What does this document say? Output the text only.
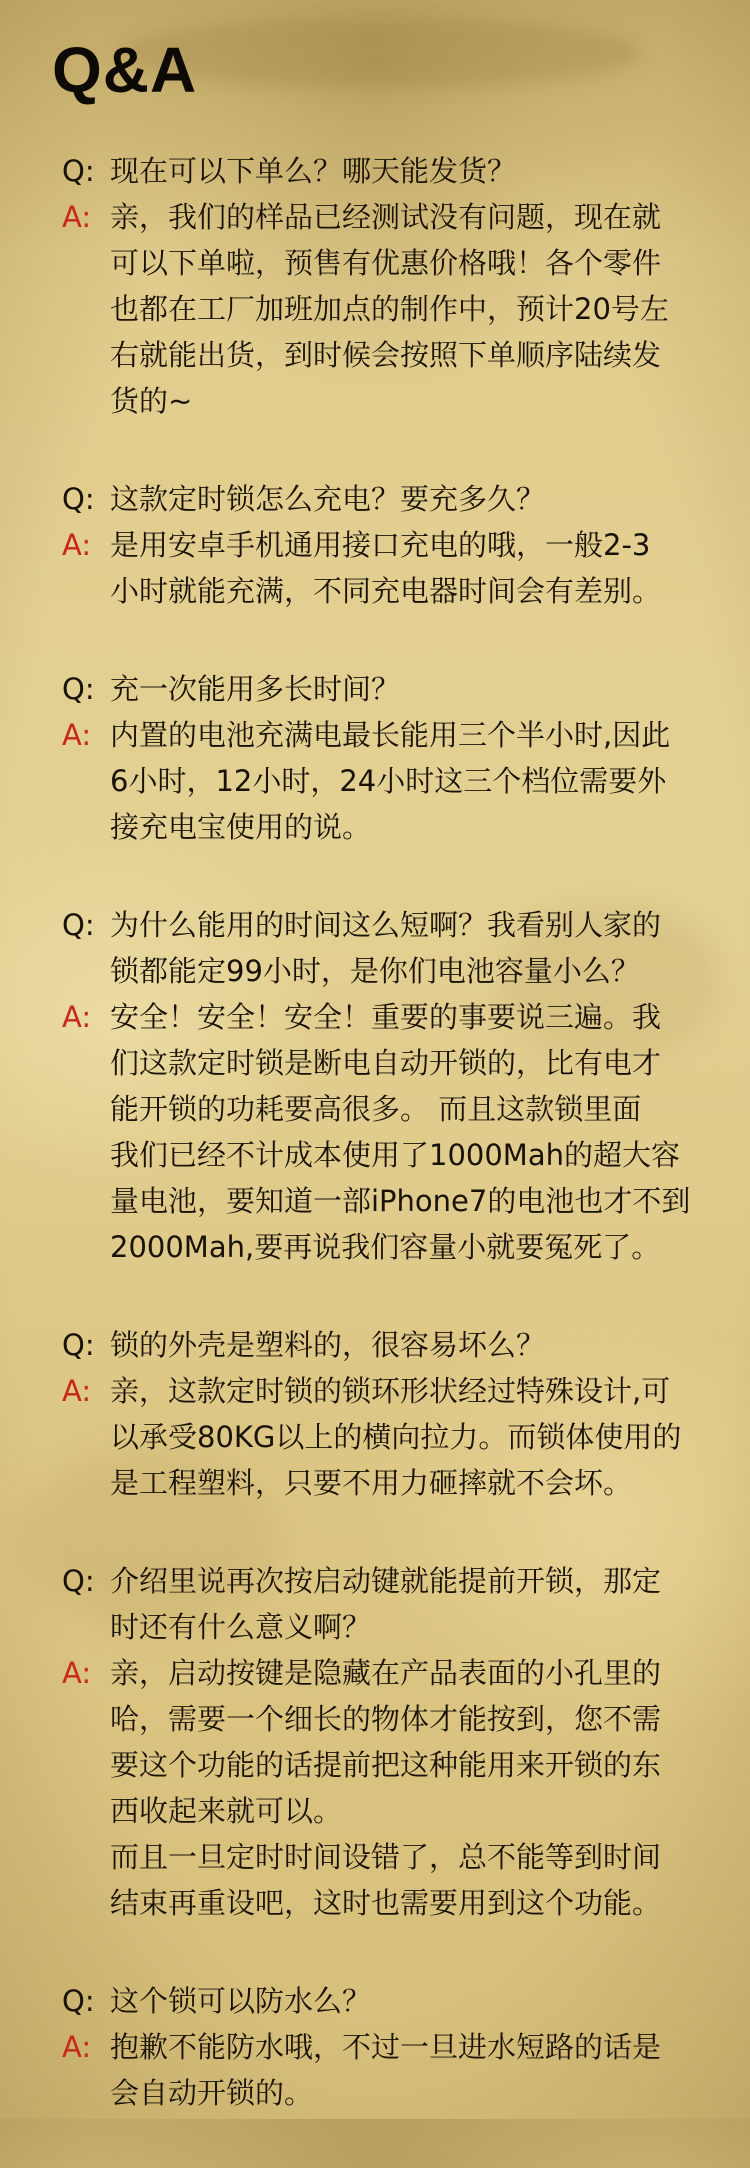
Q&A
Q: 现在可以下单么？哪天能发货？
A: 亲，我们的样品已经测试没有问题，现在就
可以下单啦，预售有优惠价格哦！各个零件
也都在工厂加班加点的制作中，预计20号左
右就能出货，到时候会按照下单顺序陆续发
货的~
Q: 这款定时锁怎么充电？要充多久？
A: 是用安卓手机通用接口充电的哦，一般2-3
小时就能充满，不同充电器时间会有差别。
Q: 充一次能用多长时间？
A: 内置的电池充满电最长能用三个半小时,因此
6小时，12小时，24小时这三个档位需要外
接充电宝使用的说。
Q: 为什么能用的时间这么短啊？我看别人家的
锁都能定99小时，是你们电池容量小么？
A: 安全！安全！安全！重要的事要说三遍。我
们这款定时锁是断电自动开锁的，比有电才
能开锁的功耗要高很多。 而且这款锁里面
我们已经不计成本使用了1000Mah的超大容
量电池，要知道一部iPhone7的电池也才不到
2000Mah,要再说我们容量小就要冤死了。
Q: 锁的外壳是塑料的，很容易坏么？
A: 亲，这款定时锁的锁环形状经过特殊设计,可
以承受80KG以上的横向拉力。而锁体使用的
是工程塑料，只要不用力砸摔就不会坏。
Q: 介绍里说再次按启动键就能提前开锁，那定
时还有什么意义啊？
A: 亲，启动按键是隐藏在产品表面的小孔里的
哈，需要一个细长的物体才能按到，您不需
要这个功能的话提前把这种能用来开锁的东
西收起来就可以。
而且一旦定时时间设错了，总不能等到时间
结束再重设吧，这时也需要用到这个功能。
Q: 这个锁可以防水么？
A: 抱歉不能防水哦，不过一旦进水短路的话是
会自动开锁的。
